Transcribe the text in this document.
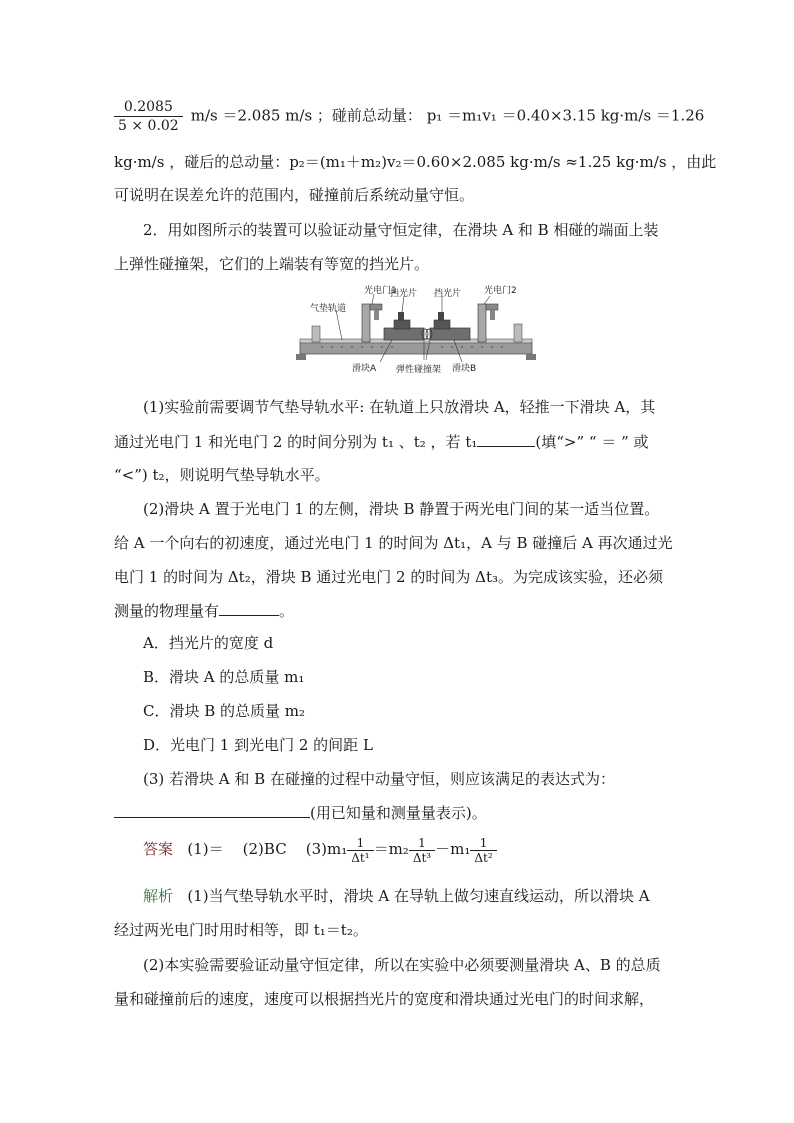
$\frac{0.2085}{5 \times 0.02} m/s =2.085$ m/s ；碰前总动量： p₁ ＝m₁v₁ ＝0.40×3.15 kg·m/s ＝1.26
kg·m/s ，碰后的总动量：p₂＝(m₁＋m₂)v₂＝0.60×2.085 kg·m/s ≈1.25 kg·m/s ，由此
可说明在误差允许的范围内，碰撞前后系统动量守恒。
2．用如图所示的装置可以验证动量守恒定律，在滑块 A 和 B 相碰的端面上装
上弹性碰撞架，它们的上端装有等宽的挡光片。
气垫轨道
光电门1
挡光片 挡光片	光电门2
滑块A 弹性碰撞架 滑块B
(1)实验前需要调节气垫导轨水平: 在轨道上只放滑块 A，轻推一下滑块 A，其
通过光电门 1 和光电门 2 的时间分别为 t₁ 、t₂ ，若 t₁	(填“>” “ ＝ ” 或
“<”) t₂，则说明气垫导轨水平。
(2)滑块 A 置于光电门 1 的左侧，滑块 B 静置于两光电门间的某一适当位置。
给 A 一个向右的初速度，通过光电门 1 的时间为 Δt₁，A 与 B 碰撞后 A 再次通过光
电门 1 的时间为 Δt₂，滑块 B 通过光电门 2 的时间为 Δt₃。为完成该实验，还必须
测量的物理量有	。
A．挡光片的宽度 d
B．滑块 A 的总质量 m₁
C．滑块 B 的总质量 m₂
D．光电门 1 到光电门 2 的间距 L
(3) 若滑块 A 和 B 在碰撞的过程中动量守恒，则应该满足的表达式为：
(用已知量和测量量表示)。
答案 (1)＝ (2)BC $(3)m_1 \frac{1}{\text{Δt¹}} =m_2 \frac{1}{\text{Δt³}} -m_1 \frac{1}{\text{Δt²}}$
解析 (1)当气垫导轨水平时，滑块 A 在导轨上做匀速直线运动，所以滑块 A
经过两光电门时用时相等，即 t₁＝t₂。
(2)本实验需要验证动量守恒定律，所以在实验中必须要测量滑块 A、B 的总质
量和碰撞前后的速度，速度可以根据挡光片的宽度和滑块通过光电门的时间求解，
